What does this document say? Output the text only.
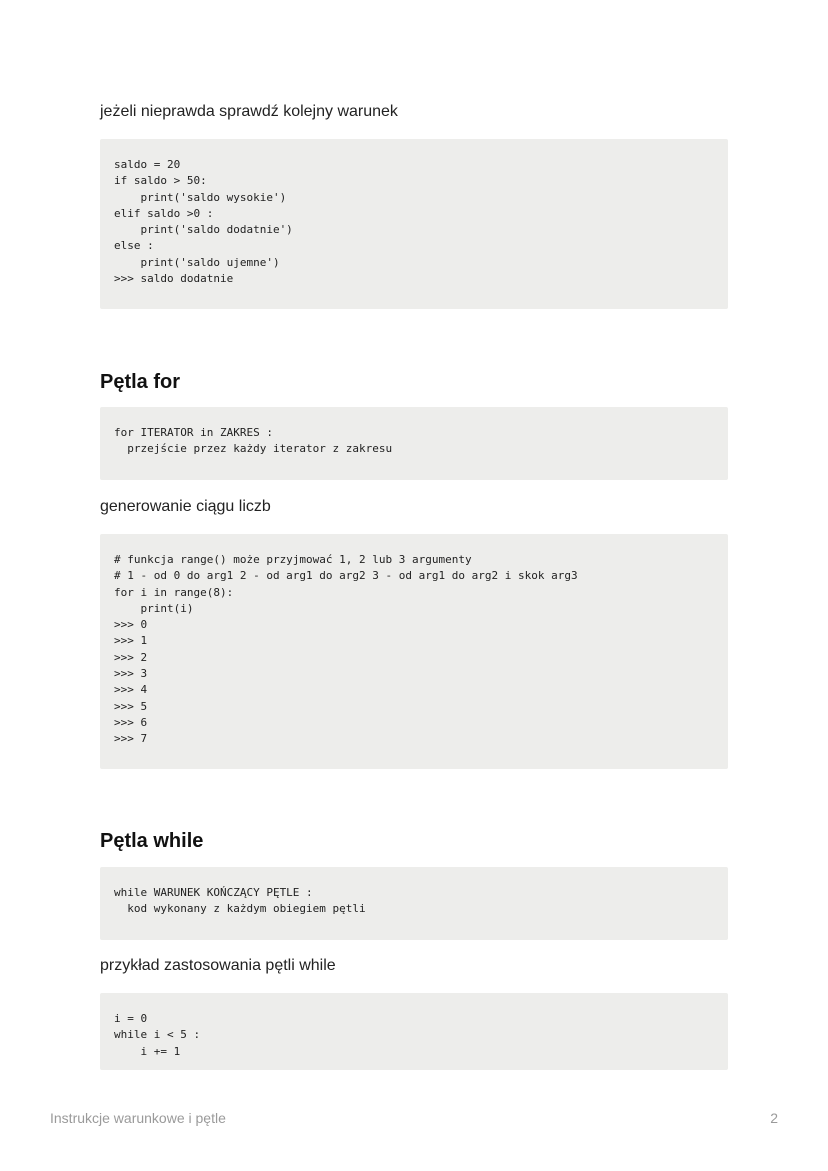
jeżeli nieprawda sprawdź kolejny warunek

saldo = 20
if saldo > 50:
print('saldo wysokie')
elif saldo >0 :
print('saldo dodatnie')
else :
print('saldo ujemne')
>>> saldo dodatnie
Pętla for
for ITERATOR in ZAKRES :
przejście przez każdy iterator z zakresu

generowanie ciągu liczb

# funkcja range() może przyjmować 1, 2 lub 3 argumenty
# 1 - od 0 do arg1 2 - od arg1 do arg2 3 - od arg1 do arg2 i skok arg3
for i in range(8):
print(i)
>>> 0
>>> 1
>>> 2
>>> 3
>>> 4
>>> 5
>>> 6
>>> 7
Pętla while
while WARUNEK KOŃCZĄCY PĘTLE :
kod wykonany z każdym obiegiem pętli

przykład zastosowania pętli while

i = 0
while i < 5 :
i += 1
Instrukcje warunkowe i pętle	2
